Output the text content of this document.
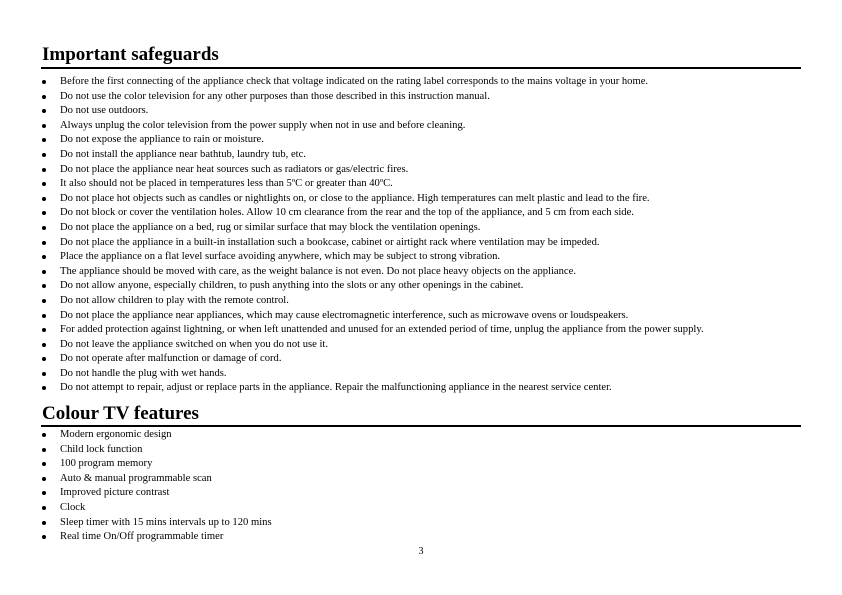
Important safeguards
Before the first connecting of the appliance check that voltage indicated on the rating label corresponds to the mains voltage in your home.
Do not use the color television for any other purposes than those described in this instruction manual.
Do not use outdoors.
Always unplug the color television from the power supply when not in use and before cleaning.
Do not expose the appliance to rain or moisture.
Do not install the appliance near bathtub, laundry tub, etc.
Do not place the appliance near heat sources such as radiators or gas/electric fires.
It also should not be placed in temperatures less than 5ºC or greater than 40ºC.
Do not place hot objects such as candles or nightlights on, or close to the appliance. High temperatures can melt plastic and lead to the fire.
Do not block or cover the ventilation holes. Allow 10 cm clearance from the rear and the top of the appliance, and 5 cm from each side.
Do not place the appliance on a bed, rug or similar surface that may block the ventilation openings.
Do not place the appliance in a built-in installation such a bookcase, cabinet or airtight rack where ventilation may be impeded.
Place the appliance on a flat level surface avoiding anywhere, which may be subject to strong vibration.
The appliance should be moved with care, as the weight balance is not even. Do not place heavy objects on the appliance.
Do not allow anyone, especially children, to push anything into the slots or any other openings in the cabinet.
Do not allow children to play with the remote control.
Do not place the appliance near appliances, which may cause electromagnetic interference, such as microwave ovens or loudspeakers.
For added protection against lightning, or when left unattended and unused for an extended period of time, unplug the appliance from the power supply.
Do not leave the appliance switched on when you do not use it.
Do not operate after malfunction or damage of cord.
Do not handle the plug with wet hands.
Do not attempt to repair, adjust or replace parts in the appliance. Repair the malfunctioning appliance in the nearest service center.
Colour TV features
Modern ergonomic design
Child lock function
100 program memory
Auto & manual programmable scan
Improved picture contrast
Clock
Sleep timer with 15 mins intervals up to 120 mins
Real time On/Off programmable timer
3
